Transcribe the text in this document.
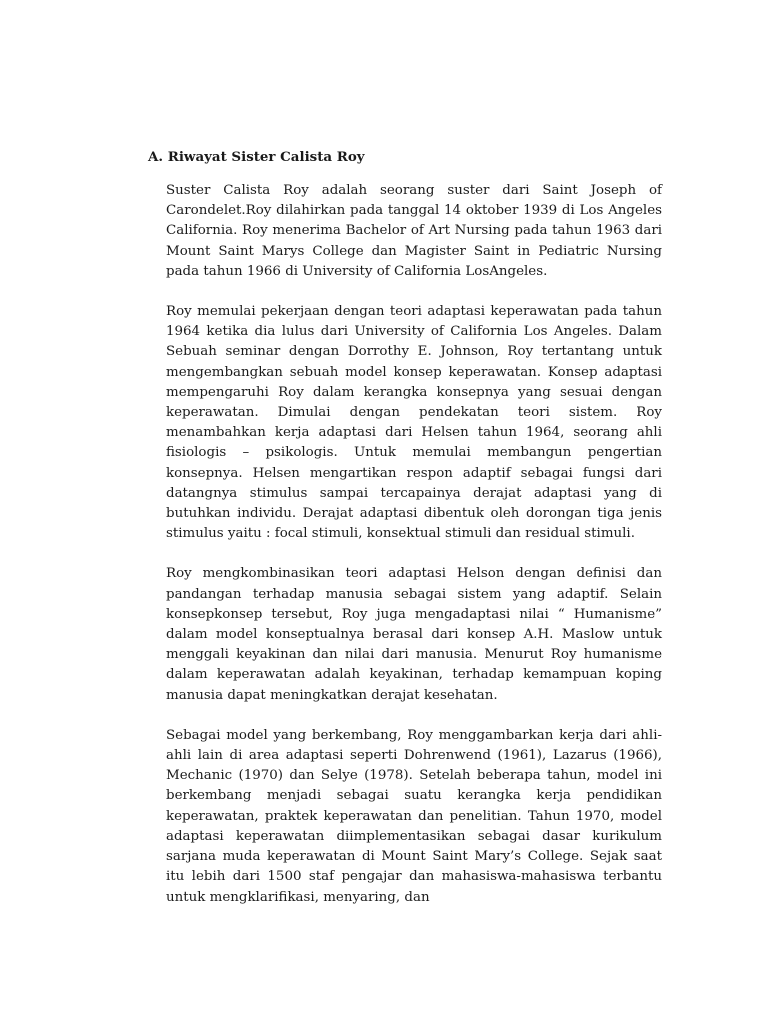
A. Riwayat Sister Calista Roy

Suster Calista Roy adalah seorang suster dari Saint Joseph of Carondelet.Roy dilahirkan pada tanggal 14 oktober 1939 di Los Angeles California. Roy menerima Bachelor of Art Nursing pada tahun 1963 dari Mount Saint Marys College dan Magister Saint in Pediatric Nursing pada tahun 1966 di University of California LosAngeles.

Roy memulai pekerjaan dengan teori adaptasi keperawatan pada tahun 1964 ketika dia lulus dari University of California Los Angeles. Dalam Sebuah seminar dengan Dorrothy E. Johnson, Roy tertantang untuk mengembangkan sebuah model konsep keperawatan. Konsep adaptasi mempengaruhi Roy dalam kerangka konsepnya yang sesuai dengan keperawatan. Dimulai dengan pendekatan teori sistem. Roy menambahkan kerja adaptasi dari Helsen tahun 1964, seorang ahli fisiologis – psikologis. Untuk memulai membangun pengertian konsepnya. Helsen mengartikan respon adaptif sebagai fungsi dari datangnya stimulus sampai tercapainya derajat adaptasi yang di butuhkan individu. Derajat adaptasi dibentuk oleh dorongan tiga jenis stimulus yaitu : focal stimuli, konsektual stimuli dan residual stimuli.

Roy mengkombinasikan teori adaptasi Helson dengan definisi dan pandangan terhadap manusia sebagai sistem yang adaptif. Selain konsepkonsep tersebut, Roy juga mengadaptasi nilai “ Humanisme” dalam model konseptualnya berasal dari konsep A.H. Maslow untuk menggali keyakinan dan nilai dari manusia. Menurut Roy humanisme dalam keperawatan adalah keyakinan, terhadap kemampuan koping manusia dapat meningkatkan derajat kesehatan.

Sebagai model yang berkembang, Roy menggambarkan kerja dari ahli-ahli lain di area adaptasi seperti Dohrenwend (1961), Lazarus (1966), Mechanic (1970) dan Selye (1978). Setelah beberapa tahun, model ini berkembang menjadi sebagai suatu kerangka kerja pendidikan keperawatan, praktek keperawatan dan penelitian. Tahun 1970, model adaptasi keperawatan diimplementasikan sebagai dasar kurikulum sarjana muda keperawatan di Mount Saint Mary’s College. Sejak saat itu lebih dari 1500 staf pengajar dan mahasiswa-mahasiswa terbantu untuk mengklarifikasi, menyaring, dan
